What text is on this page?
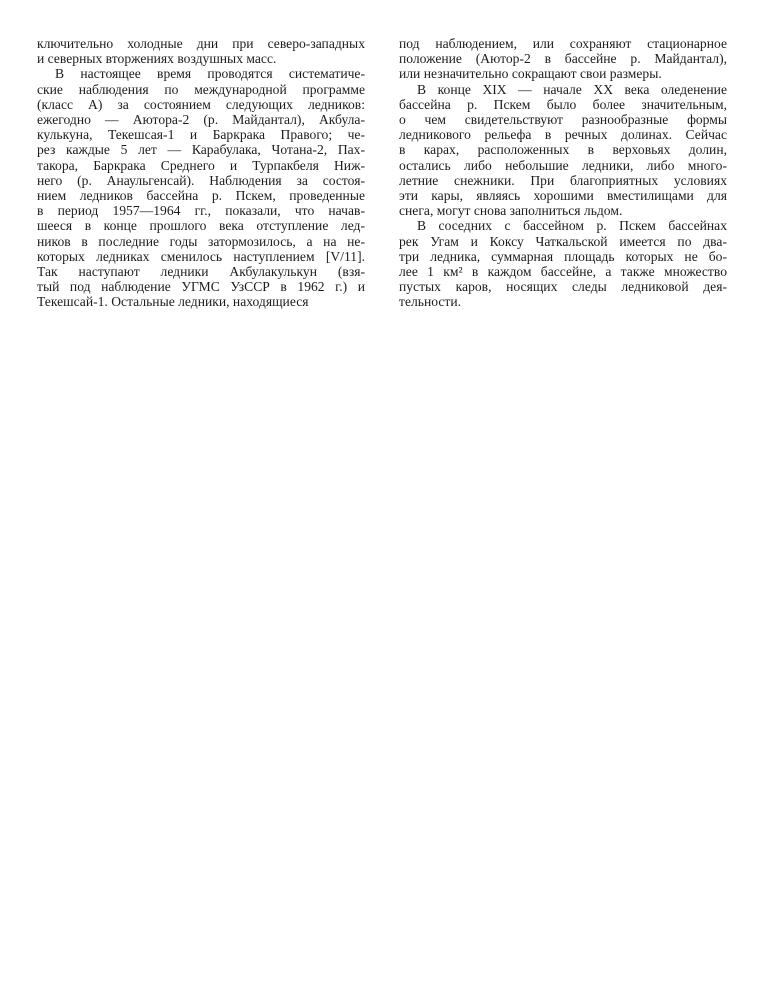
ключительно холодные дни при северо-западных
и северных вторжениях воздушных масс.
В настоящее время проводятся систематиче-
ские наблюдения по международной программе
(класс А) за состоянием следующих ледников:
ежегодно — Аютора-2 (р. Майдантал), Акбула-
кулькуна, Текешсая-1 и Баркрака Правого; че-
рез каждые 5 лет — Карабулака, Чотана-2, Пах-
такора, Баркрака Среднего и Турпакбеля Ниж-
него (р. Анаульгенсай). Наблюдения за состоя-
нием ледников бассейна р. Пскем, проведенные
в период 1957—1964 гг., показали, что начав-
шееся в конце прошлого века отступление лед-
ников в последние годы затормозилось, а на не-
которых ледниках сменилось наступлением [V/11].
Так наступают ледники Акбулакулькун (взя-
тый под наблюдение УГМС УзССР в 1962 г.) и
Текешсай-1. Остальные ледники, находящиеся
под наблюдением, или сохраняют стационарное
положение (Аютор-2 в бассейне р. Майдантал),
или незначительно сокращают свои размеры.
В конце XIX — начале XX века оледенение
бассейна р. Пскем было более значительным,
о чем свидетельствуют разнообразные формы
ледникового рельефа в речных долинах. Сейчас
в карах, расположенных в верховьях долин,
остались либо небольшие ледники, либо много-
летние снежники. При благоприятных условиях
эти кары, являясь хорошими вместилищами для
снега, могут снова заполниться льдом.
В соседних с бассейном р. Пскем бассейнах
рек Угам и Коксу Чаткальской имеется по два-
три ледника, суммарная площадь которых не бо-
лее 1 км² в каждом бассейне, а также множество
пустых каров, носящих следы ледниковой дея-
тельности.
